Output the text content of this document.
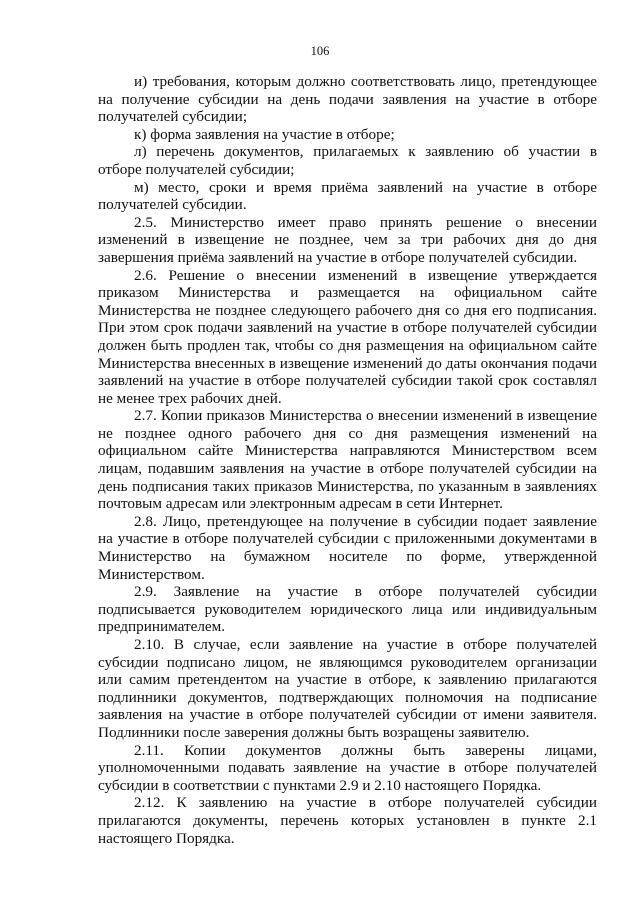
106

и) требования, которым должно соответствовать лицо, претендующее на получение субсидии на день подачи заявления на участие в отборе получателей субсидии;

к) форма заявления на участие в отборе;

л) перечень документов, прилагаемых к заявлению об участии в отборе получателей субсидии;

м) место, сроки и время приёма заявлений на участие в отборе получателей субсидии.

2.5. Министерство имеет право принять решение о внесении изменений в извещение не позднее, чем за три рабочих дня до дня завершения приёма заявлений на участие в отборе получателей субсидии.

2.6. Решение о внесении изменений в извещение утверждается приказом Министерства и размещается на официальном сайте Министерства не позднее следующего рабочего дня со дня его подписания. При этом срок подачи заявлений на участие в отборе получателей субсидии должен быть продлен так, чтобы со дня размещения на официальном сайте Министерства внесенных в извещение изменений до даты окончания подачи заявлений на участие в отборе получателей субсидии такой срок составлял не менее трех рабочих дней.

2.7. Копии приказов Министерства о внесении изменений в извещение не позднее одного рабочего дня со дня размещения изменений на официальном сайте Министерства направляются Министерством всем лицам, подавшим заявления на участие в отборе получателей субсидии на день подписания таких приказов Министерства, по указанным в заявлениях почтовым адресам или электронным адресам в сети Интернет.

2.8. Лицо, претендующее на получение в субсидии подает заявление на участие в отборе получателей субсидии с приложенными документами в Министерство на бумажном носителе по форме, утвержденной Министерством.

2.9. Заявление на участие в отборе получателей субсидии подписывается руководителем юридического лица или индивидуальным предпринимателем.

2.10. В случае, если заявление на участие в отборе получателей субсидии подписано лицом, не являющимся руководителем организации или самим претендентом на участие в отборе, к заявлению прилагаются подлинники документов, подтверждающих полномочия на подписание заявления на участие в отборе получателей субсидии от имени заявителя. Подлинники после заверения должны быть возращены заявителю.

2.11. Копии документов должны быть заверены лицами, уполномоченными подавать заявление на участие в отборе получателей субсидии в соответствии с пунктами 2.9 и 2.10 настоящего Порядка.

2.12. К заявлению на участие в отборе получателей субсидии прилагаются документы, перечень которых установлен в пункте 2.1 настоящего Порядка.
